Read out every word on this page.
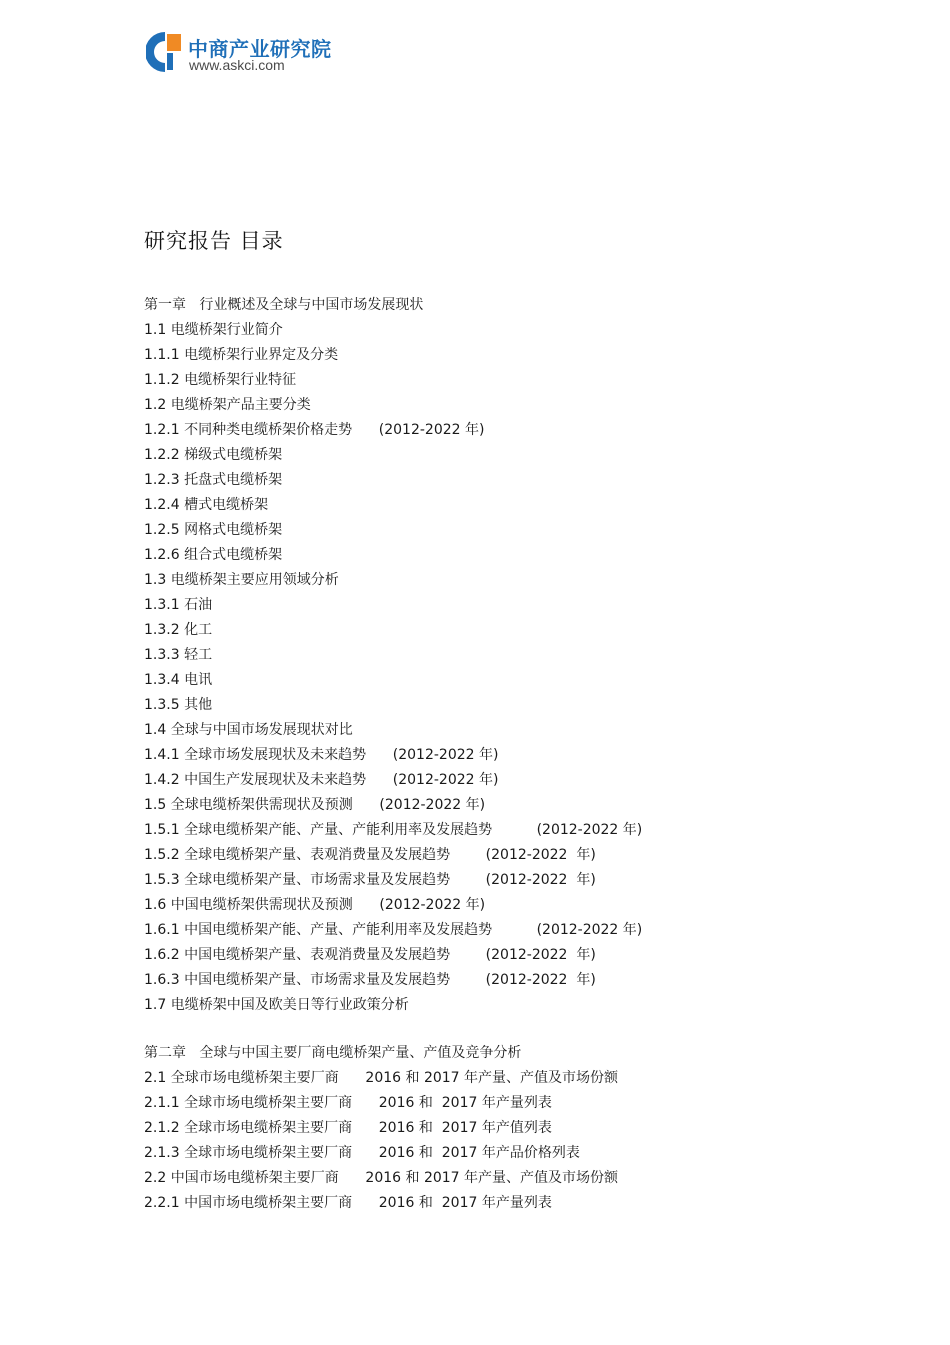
中商产业研究院
www.askci.com
研究报告 目录
第一章   行业概述及全球与中国市场发展现状
1.1 电缆桥架行业简介
1.1.1 电缆桥架行业界定及分类
1.1.2 电缆桥架行业特征
1.2 电缆桥架产品主要分类
1.2.1 不同种类电缆桥架价格走势      (2012-2022 年)
1.2.2 梯级式电缆桥架
1.2.3 托盘式电缆桥架
1.2.4 槽式电缆桥架
1.2.5 网格式电缆桥架
1.2.6 组合式电缆桥架
1.3 电缆桥架主要应用领域分析
1.3.1 石油
1.3.2 化工
1.3.3 轻工
1.3.4 电讯
1.3.5 其他
1.4 全球与中国市场发展现状对比
1.4.1 全球市场发展现状及未来趋势      (2012-2022 年)
1.4.2 中国生产发展现状及未来趋势      (2012-2022 年)
1.5 全球电缆桥架供需现状及预测      (2012-2022 年)
1.5.1 全球电缆桥架产能、产量、产能利用率及发展趋势          (2012-2022 年)
1.5.2 全球电缆桥架产量、表观消费量及发展趋势        (2012-2022  年)
1.5.3 全球电缆桥架产量、市场需求量及发展趋势        (2012-2022  年)
1.6 中国电缆桥架供需现状及预测      (2012-2022 年)
1.6.1 中国电缆桥架产能、产量、产能利用率及发展趋势          (2012-2022 年)
1.6.2 中国电缆桥架产量、表观消费量及发展趋势        (2012-2022  年)
1.6.3 中国电缆桥架产量、市场需求量及发展趋势        (2012-2022  年)
1.7 电缆桥架中国及欧美日等行业政策分析
第二章   全球与中国主要厂商电缆桥架产量、产值及竞争分析
2.1 全球市场电缆桥架主要厂商      2016 和 2017 年产量、产值及市场份额
2.1.1 全球市场电缆桥架主要厂商      2016 和  2017 年产量列表
2.1.2 全球市场电缆桥架主要厂商      2016 和  2017 年产值列表
2.1.3 全球市场电缆桥架主要厂商      2016 和  2017 年产品价格列表
2.2 中国市场电缆桥架主要厂商      2016 和 2017 年产量、产值及市场份额
2.2.1 中国市场电缆桥架主要厂商      2016 和  2017 年产量列表
